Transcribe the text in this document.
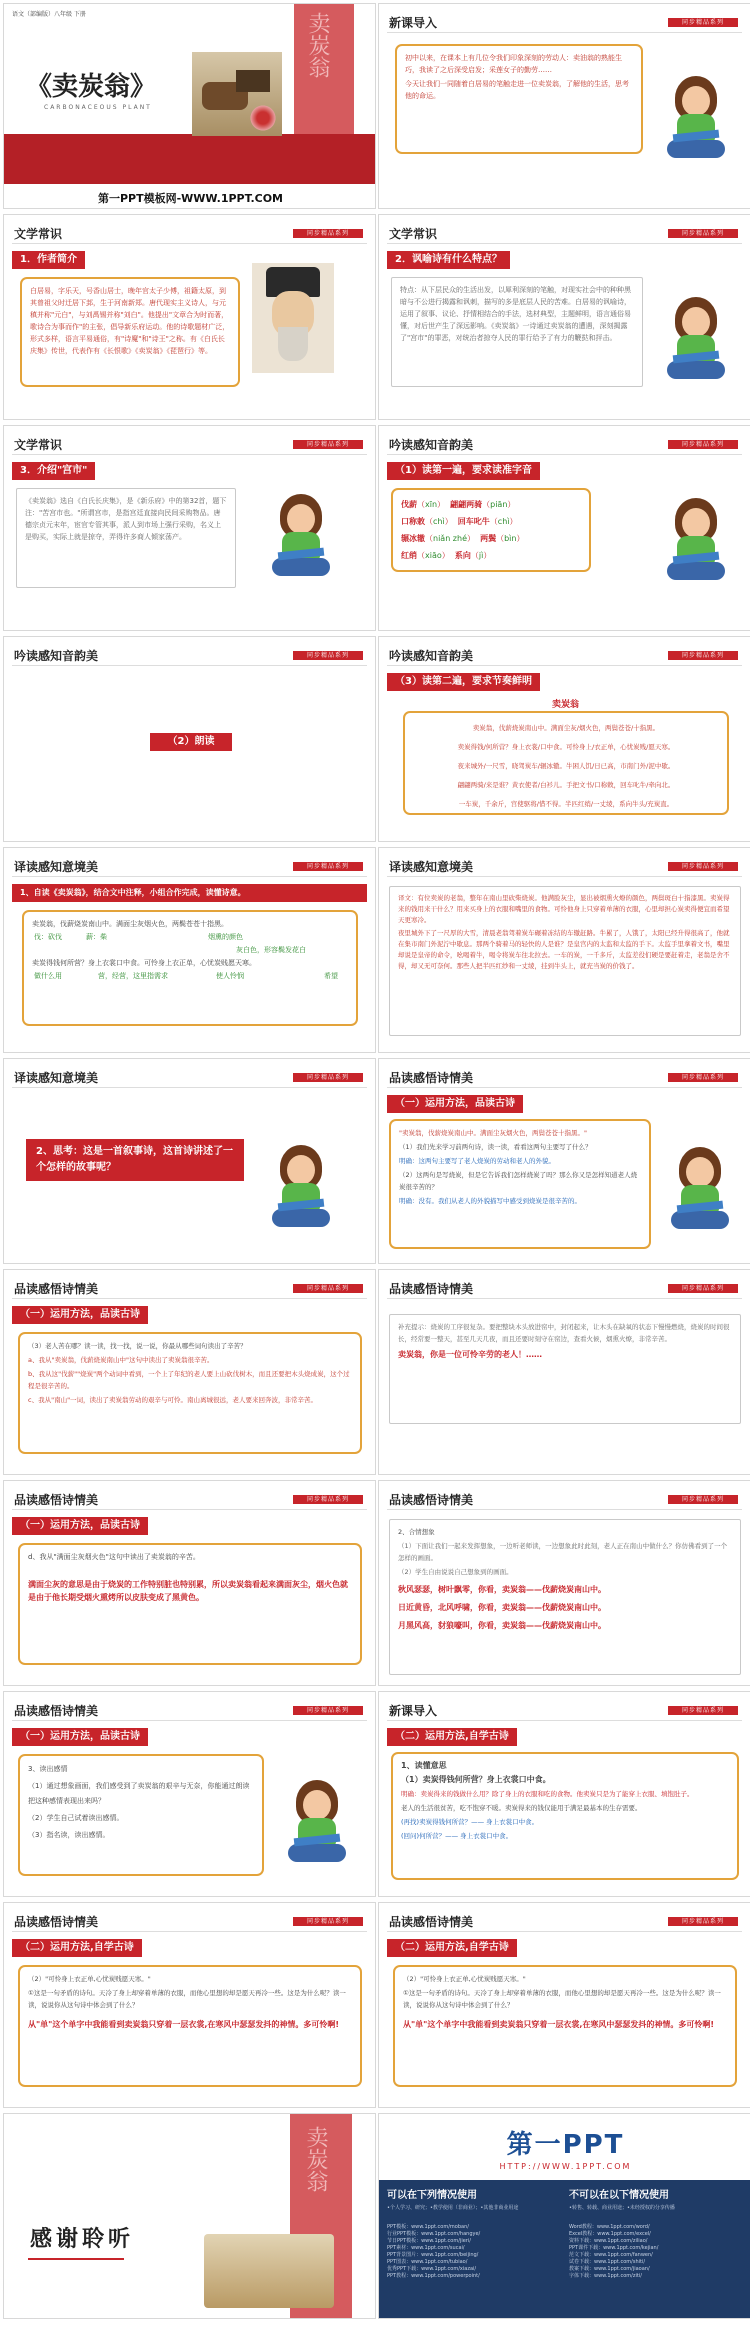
语文（部编版）八年级 下册	卖炭翁
《卖炭翁》
CARBONACEOUS PLANT
第一PPT模板网-WWW.1PPT.COM
新课导入	同步精品系列

初中以来，在课本上有几位令我们印象深刻的劳动人：卖油翁的熟能生巧，我读了之后深受启发；采莲女子的勤劳……

今天让我们一同随着白居易的笔触走进一位卖炭翁，了解他的生活，思考他的命运。

文学常识	同步精品系列
1．作者简介

白居易，字乐天，号香山居士，晚年官太子少傅，祖籍太原，到其曾祖父时迁居下邽，生于河南新郑。唐代现实主义诗人，与元稹并称"元白"，与刘禹锡并称"刘白"。他提出"文章合为时而著，歌诗合为事而作"的主张，倡导新乐府运动。他的诗歌题材广泛，形式多样，语言平易通俗，有"诗魔"和"诗王"之称。有《白氏长庆集》传世，代表作有《长恨歌》《卖炭翁》《琵琶行》等。

文学常识	同步精品系列
2．讽喻诗有什么特点？

特点：从下层民众的生活出发，以犀利深刻的笔触，对现实社会中的种种黑暗与不公进行揭露和讽刺，描写的多是底层人民的苦难。白居易的讽喻诗，运用了叙事、议论、抒情相结合的手法，选材典型，主题鲜明，语言通俗易懂，对后世产生了深远影响。《卖炭翁》一诗通过卖炭翁的遭遇，深刻揭露了"宫市"的罪恶，对统治者掠夺人民的罪行给予了有力的鞭挞和抨击。

文学常识	同步精品系列
3．介绍"宫市"

《卖炭翁》选自《白氏长庆集》，是《新乐府》中的第32首，题下注："苦宫市也。"所谓宫市，是指宫廷直接向民间采购物品。唐德宗贞元末年，宦官专管其事，派人到市场上强行采购，名义上是购买，实际上就是掠夺，弄得许多商人倾家荡产。

吟读感知音韵美	同步精品系列
（1）读第一遍，要求读准字音
伐薪（xīn）  翩翩两骑（piān）
口称敕（chì）  回车叱牛（chì）
辗冰辙（niǎn zhé）  两鬓（bìn）
红绡（xiāo）  系向（jì）
吟读感知音韵美	同步精品系列
（2）朗读
吟读感知音韵美	同步精品系列
（3）读第二遍，要求节奏鲜明
卖炭翁
卖炭翁，伐薪烧炭南山中。满面尘灰/烟火色，两鬓苍苍/十指黑。
卖炭得钱/何所营？身上衣裳/口中食。可怜身上/衣正单，心忧炭贱/愿天寒。
夜来城外/一尺雪，晓驾炭车/辗冰辙。牛困人饥/日已高，市南门外/泥中歇。
翩翩两骑/来是谁？黄衣使者/白衫儿。手把文书/口称敕，回车叱牛/牵向北。
一车炭，千余斤，宫使驱将/惜不得。半匹红绡/一丈绫，系向牛头/充炭直。
译读感知意境美	同步精品系列
1、自读《卖炭翁》，结合文中注释，小组合作完成，读懂诗意。
卖炭翁，伐薪烧炭南山中。满面尘灰烟火色，两鬓苍苍十指黑。
伐：砍伐	薪：柴	烟熏的颜色
灰白色，形容鬓发花白
卖炭得钱何所营？身上衣裳口中食。可怜身上衣正单，心忧炭贱愿天寒。
做什么用	营，经营，这里指需求	使人怜悯	希望
译读感知意境美	同步精品系列

译文：有位卖炭的老翁，整年在南山里砍柴烧炭。他满脸灰尘，显出被烟熏火燎的颜色，两鬓斑白十指漆黑。卖炭得来的钱用来干什么？用来买身上的衣服和嘴里的食物。可怜他身上只穿着单薄的衣服，心里却担心炭卖得便宜而希望天更寒冷。

夜里城外下了一尺厚的大雪，清晨老翁驾着炭车碾着冻结的车辙赶路。牛累了，人饿了，太阳已经升得很高了，他就在集市南门外泥泞中歇息。那两个骑着马的轻快的人是谁？是皇宫内的太监和太监的手下。太监手里拿着文书，嘴里却说是皇帝的命令，吆喝着牛，喝令将炭车往北拉去。一车的炭，一千多斤，太监差役们硬是要赶着走，老翁是舍不得，却又无可奈何。那些人把半匹红纱和一丈绫，挂到牛头上，就充当炭的价钱了。

译读感知意境美	同步精品系列
2、思考：这是一首叙事诗，这首诗讲述了一个怎样的故事呢？
品读感悟诗情美	同步精品系列
（一）运用方法，品读古诗

"卖炭翁，伐薪烧炭南山中。满面尘灰烟火色，两鬓苍苍十指黑。"

（1）我们先来学习前两句诗，读一读，看看这两句主要写了什么？

明确：这两句主要写了老人烧炭的劳动和老人的外貌。

（2）这两句是写烧炭，但是它告诉我们怎样烧炭了吗？那么你又是怎样知道老人烧炭很辛苦的？

明确：没有。我们从老人的外貌描写中感受到烧炭是很辛苦的。

品读感悟诗情美	同步精品系列
（一）运用方法，品读古诗

（3）老人苦在哪？读一读，找一找，说一说，你最从哪些词句读出了辛苦？

a、我从"卖炭翁，伐薪烧炭南山中"这句中读出了卖炭翁很辛苦。

b、我从这"伐薪""烧炭"两个动词中看到，一个上了年纪的老人要上山砍伐树木，而且还要把木头烧成炭，这个过程是很辛苦的。

c、我从"南山"一词，读出了卖炭翁劳动的艰辛与可怜。南山离城很远，老人要来回奔波，非常辛苦。

品读感悟诗情美	同步精品系列

补充提示：烧炭的工序很复杂。要把整块木头放进窑中，封闭起来，让木头在缺氧的状态下慢慢燃烧，烧炭的时间很长，经常要一整天，甚至几天几夜，而且还要时刻守在窑边，查看火候，烟熏火燎，非常辛苦。

卖炭翁，你是一位可怜辛劳的老人！……

品读感悟诗情美	同步精品系列
（一）运用方法，品读古诗

d、我从"满面尘灰烟火色"这句中读出了卖炭翁的辛苦。

满面尘灰的意思是由于烧炭的工作特别脏也特别累，所以卖炭翁看起来满面灰尘，烟火色就是由于他长期受烟火熏烤所以皮肤变成了黑黄色。

品读感悟诗情美	同步精品系列

2、合情想象

（1）下面让我们一起来发挥想象，一边听老师读，一边想象此时此刻，老人正在南山中做什么？你仿佛看到了一个怎样的画面。

（2）学生自由说说自己想象到的画面。

秋风瑟瑟，树叶飘零，你看，卖炭翁——伐薪烧炭南山中。

日近黄昏，北风呼啸，你看，卖炭翁——伐薪烧炭南山中。

月黑风高，豺狼嚎叫，你看，卖炭翁——伐薪烧炭南山中。

品读感悟诗情美	同步精品系列
（一）运用方法，品读古诗

3、读出感情

（1）通过想象画面，我们感受到了卖炭翁的艰辛与无奈，你能通过朗读把这种感情表现出来吗？

（2）学生自己试着读出感情。

（3）指名读，读出感情。

新课导入	同步精品系列
（二）运用方法,自学古诗

1、读懂意思

（1）卖炭得钱何所营？身上衣裳口中食。

明确：卖炭得来的钱做什么用？除了身上的衣服和吃的食物。他卖炭只是为了能穿上衣服、填饱肚子。

老人的生活很贫苦，吃不饱穿不暖。卖炭得来的钱仅能用于满足最基本的生存需要。

(再找)卖炭得钱何所营？—— 身上衣裳口中食。

(回问)何所营？—— 身上衣裳口中食。

品读感悟诗情美	同步精品系列
（二）运用方法,自学古诗

（2）"可怜身上衣正单,心忧炭贱愿天寒。"

①这是一句矛盾的诗句。天冷了身上却穿着单薄的衣服，而他心里想的却是愿天再冷一些。这是为什么呢？读一读，说说你从这句诗中体会到了什么？

从"单"这个单字中我能看到卖炭翁只穿着一层衣裳,在寒风中瑟瑟发抖的神情。多可怜啊!

品读感悟诗情美	同步精品系列
（二）运用方法,自学古诗

（2）"可怜身上衣正单,心忧炭贱愿天寒。"

①这是一句矛盾的诗句。天冷了身上却穿着单薄的衣服，而他心里想的却是愿天再冷一些。这是为什么呢？读一读，说说你从这句诗中体会到了什么？

从"单"这个单字中我能看到卖炭翁只穿着一层衣裳,在寒风中瑟瑟发抖的神情。多可怜啊!

卖炭翁
感谢聆听
第一PPT
HTTP://WWW.1PPT.COM
可以在下列情况使用
•个人学习、研究；•教学使用（非商业）；•其他非商业用途
不可以在以下情况使用
•转售、转载、商业用途；•未经授权的分享传播
PPT模板：www.1ppt.com/moban/
行业PPT模板：www.1ppt.com/hangye/
节日PPT模板：www.1ppt.com/jieri/
PPT素材：www.1ppt.com/sucai/
PPT背景图片：www.1ppt.com/beijing/
PPT图表：www.1ppt.com/tubiao/
优秀PPT下载：www.1ppt.com/xiazai/
PPT教程：www.1ppt.com/powerpoint/
Word教程：www.1ppt.com/word/
Excel教程：www.1ppt.com/excel/
资料下载：www.1ppt.com/ziliao/
PPT课件下载：www.1ppt.com/kejian/
范文下载：www.1ppt.com/fanwen/
试卷下载：www.1ppt.com/shiti/
教案下载：www.1ppt.com/jiaoan/
字体下载：www.1ppt.com/ziti/
